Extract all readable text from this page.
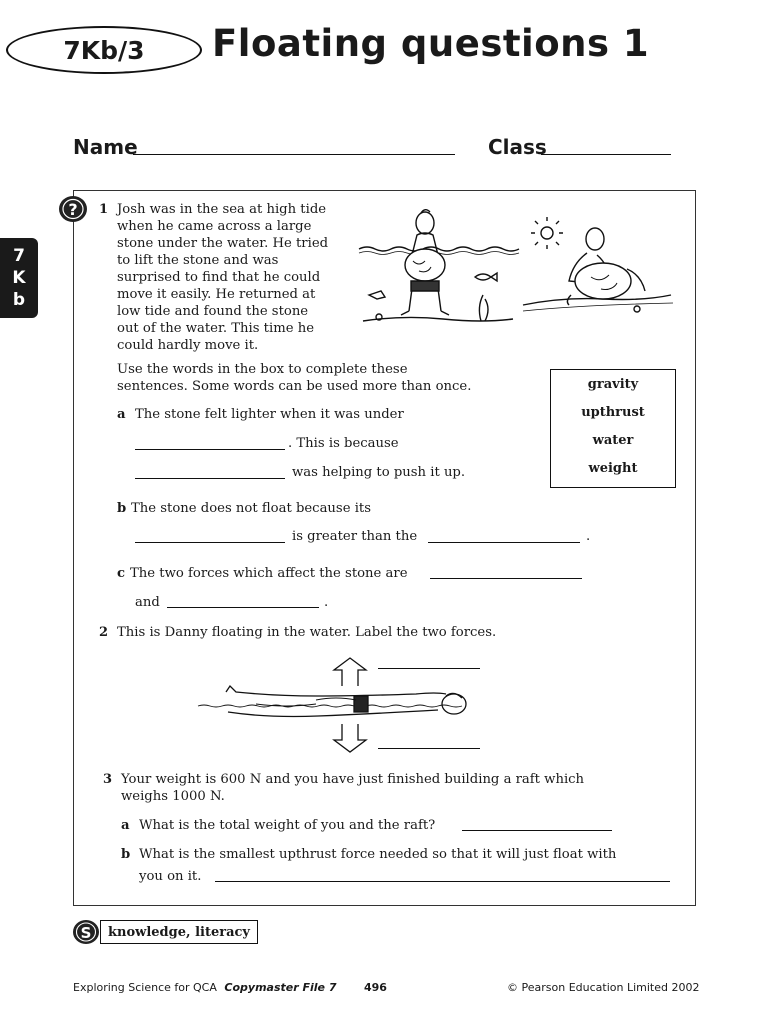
7Kb/3	Floating questions 1
Name	Class
7
K
b
? 1 Josh was in the sea at high tide
when he came across a large
stone under the water. He tried
to lift the stone and was
surprised to find that he could
move it easily. He returned at
low tide and found the stone
out of the water. This time he
could hardly move it.
Use the words in the box to complete these
sentences. Some words can be used more than once.	gravity
upthrust
water
weight
a The stone felt lighter when it was under
. This is because
was helping to push it up.
b The stone does not float because its
is greater than the	.
c The two forces which affect the stone are
and	.
2 This is Danny floating in the water. Label the two forces.
3 Your weight is 600 N and you have just finished building a raft which
weighs 1000 N.
a What is the total weight of you and the raft?
b What is the smallest upthrust force needed so that it will just float with
you on it.
S	knowledge, literacy
Exploring Science for QCA Copymaster File 7	496	© Pearson Education Limited 2002
